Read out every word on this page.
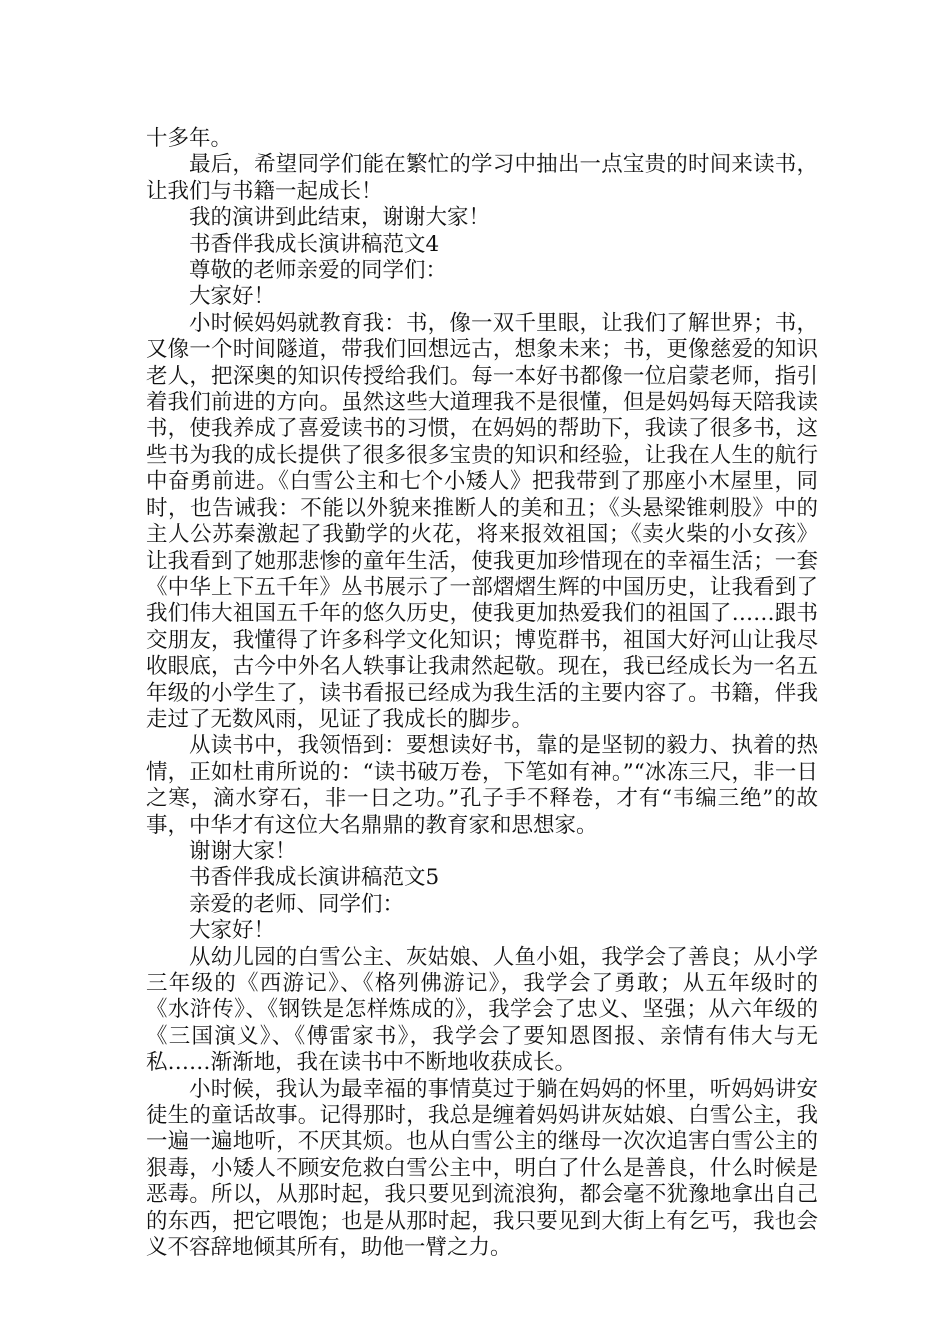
十多年。

最后，希望同学们能在繁忙的学习中抽出一点宝贵的时间来读书，让我们与书籍一起成长！

我的演讲到此结束，谢谢大家！

书香伴我成长演讲稿范文4

尊敬的老师亲爱的同学们：

大家好！

小时候妈妈就教育我：书，像一双千里眼，让我们了解世界；书，又像一个时间隧道，带我们回想远古，想象未来；书，更像慈爱的知识老人，把深奥的知识传授给我们。每一本好书都像一位启蒙老师，指引着我们前进的方向。虽然这些大道理我不是很懂，但是妈妈每天陪我读书，使我养成了喜爱读书的习惯，在妈妈的帮助下，我读了很多书，这些书为我的成长提供了很多很多宝贵的知识和经验，让我在人生的航行中奋勇前进。《白雪公主和七个小矮人》把我带到了那座小木屋里，同时，也告诫我：不能以外貌来推断人的美和丑；《头悬梁锥刺股》中的主人公苏秦激起了我勤学的火花，将来报效祖国；《卖火柴的小女孩》让我看到了她那悲惨的童年生活，使我更加珍惜现在的幸福生活；一套《中华上下五千年》丛书展示了一部熠熠生辉的中国历史，让我看到了我们伟大祖国五千年的悠久历史，使我更加热爱我们的祖国了……跟书交朋友，我懂得了许多科学文化知识；博览群书，祖国大好河山让我尽收眼底，古今中外名人轶事让我肃然起敬。现在，我已经成长为一名五年级的小学生了，读书看报已经成为我生活的主要内容了。书籍，伴我走过了无数风雨，见证了我成长的脚步。

从读书中，我领悟到：要想读好书，靠的是坚韧的毅力、执着的热情，正如杜甫所说的：“读书破万卷，下笔如有神。”“冰冻三尺，非一日之寒，滴水穿石，非一日之功。”孔子手不释卷，才有“韦编三绝”的故事，中华才有这位大名鼎鼎的教育家和思想家。

谢谢大家！

书香伴我成长演讲稿范文5

亲爱的老师、同学们：

大家好！

从幼儿园的白雪公主、灰姑娘、人鱼小姐，我学会了善良；从小学三年级的《西游记》、《格列佛游记》，我学会了勇敢；从五年级时的《水浒传》、《钢铁是怎样炼成的》，我学会了忠义、坚强；从六年级的《三国演义》、《傅雷家书》，我学会了要知恩图报、亲情有伟大与无私……渐渐地，我在读书中不断地收获成长。

小时候，我认为最幸福的事情莫过于躺在妈妈的怀里，听妈妈讲安徒生的童话故事。记得那时，我总是缠着妈妈讲灰姑娘、白雪公主，我一遍一遍地听，不厌其烦。也从白雪公主的继母一次次追害白雪公主的狠毒，小矮人不顾安危救白雪公主中，明白了什么是善良，什么时候是恶毒。所以，从那时起，我只要见到流浪狗，都会毫不犹豫地拿出自己的东西，把它喂饱；也是从那时起，我只要见到大街上有乞丐，我也会义不容辞地倾其所有，助他一臂之力。
